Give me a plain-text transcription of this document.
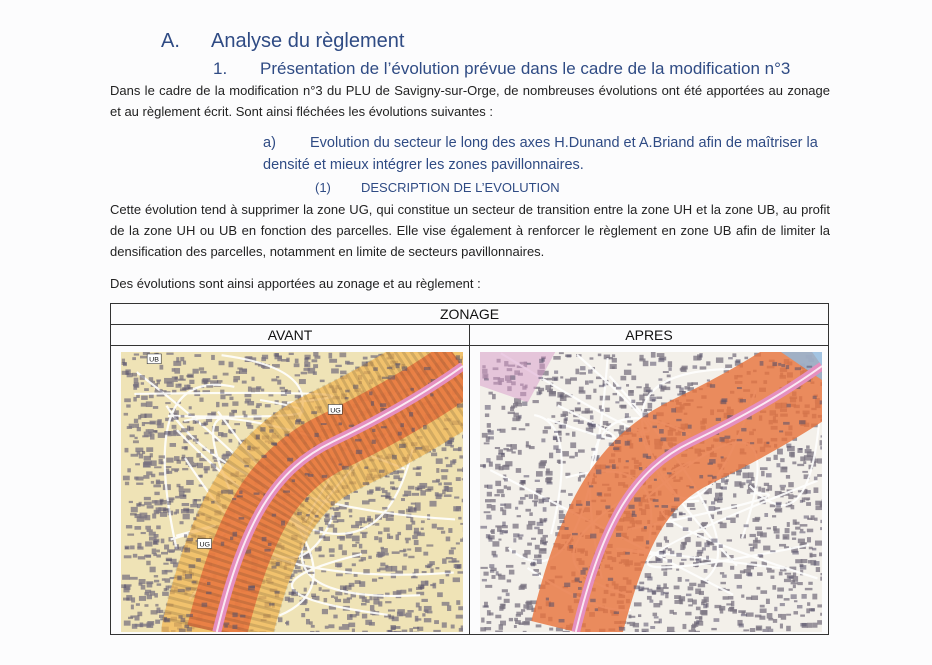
A. Analyse du règlement
1. Présentation de l’évolution prévue dans le cadre de la modification n°3
Dans le cadre de la modification n°3 du PLU de Savigny-sur-Orge, de nombreuses évolutions ont été apportées au zonage et au règlement écrit. Sont ainsi fléchées les évolutions suivantes :
a) Evolution du secteur le long des axes H.Dunand et A.Briand afin de maîtriser la densité et mieux intégrer les zones pavillonnaires.
(1) DESCRIPTION DE L’EVOLUTION
Cette évolution tend à supprimer la zone UG, qui constitue un secteur de transition entre la zone UH et la zone UB, au profit de la zone UH ou UB en fonction des parcelles. Elle vise également à renforcer le règlement en zone UB afin de limiter la densification des parcelles, notamment en limite de secteurs pavillonnaires.
Des évolutions sont ainsi apportées au zonage et au règlement :
ZONAGE	
AVANT	APRES

UB
UG
UG
